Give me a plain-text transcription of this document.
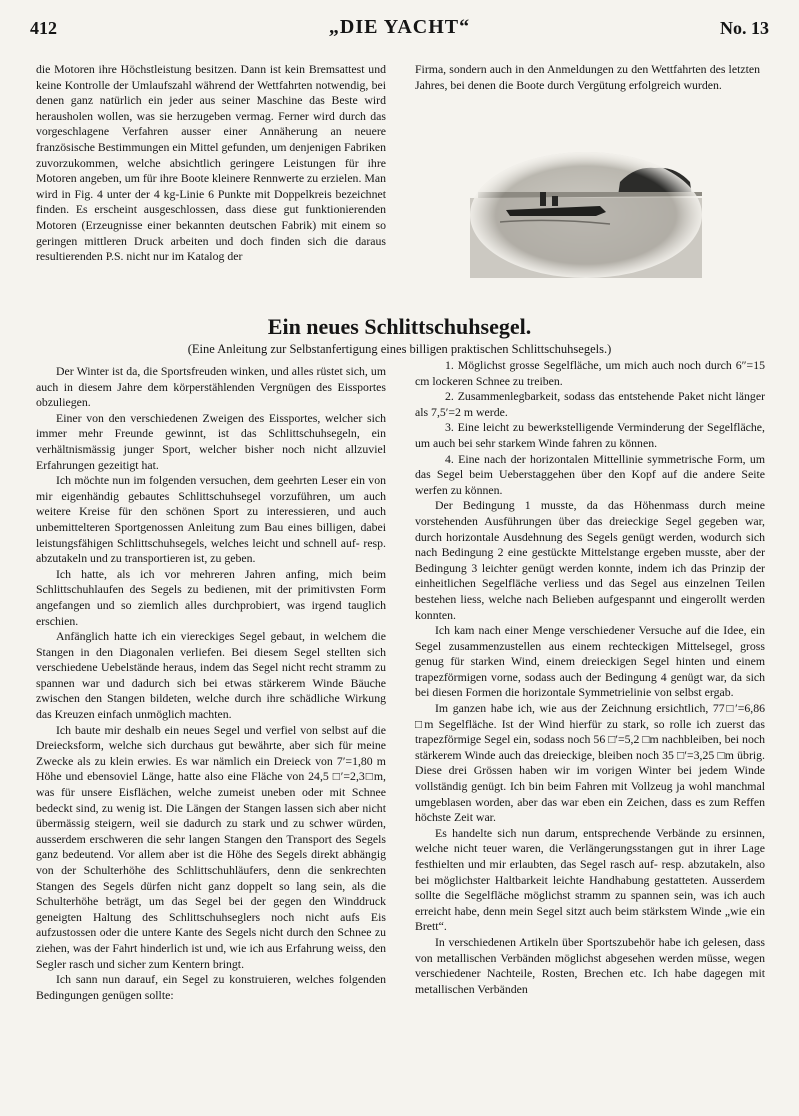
412	„DIE YACHT“	No. 13

die Motoren ihre Höchstleistung besitzen. Dann ist kein Bremsattest und keine Kontrolle der Umlaufszahl während der Wettfahrten notwendig, bei denen ganz natürlich ein jeder aus seiner Maschine das Beste wird herausholen wollen, was sie herzugeben vermag. Ferner wird durch das vorgeschlagene Verfahren ausser einer Annäherung an neuere französische Bestimmungen ein Mittel gefunden, um denjenigen Fabriken zuvorzukommen, welche absichtlich geringere Leistungen für ihre Motoren angeben, um für ihre Boote kleinere Rennwerte zu erzielen. Man wird in Fig. 4 unter der 4 kg-Linie 6 Punkte mit Doppelkreis bezeichnet finden. Es erscheint ausgeschlossen, dass diese gut funktionierenden Motoren (Erzeugnisse einer bekannten deutschen Fabrik) mit einem so geringen mittleren Druck arbeiten und doch finden sich die daraus resultierenden P.S. nicht nur im Katalog der

Firma, sondern auch in den Anmeldungen zu den Wettfahrten des letzten Jahres, bei denen die Boote durch Vergütung erfolgreich wurden.

Ein neues Schlittschuhsegel.
(Eine Anleitung zur Selbstanfertigung eines billigen praktischen Schlittschuhsegels.)

Der Winter ist da, die Sportsfreuden winken, und alles rüstet sich, um auch in diesem Jahre dem körperstählenden Vergnügen des Eissportes obzuliegen.

Einer von den verschiedenen Zweigen des Eissportes, welcher sich immer mehr Freunde gewinnt, ist das Schlittschuhsegeln, ein verhältnismässig junger Sport, welcher bisher noch nicht allzuviel Erfahrungen gezeitigt hat.

Ich möchte nun im folgenden versuchen, dem geehrten Leser ein von mir eigenhändig gebautes Schlittschuhsegel vorzuführen, um auch weitere Kreise für den schönen Sport zu interessieren, und auch unbemittelteren Sportgenossen Anleitung zum Bau eines billigen, dabei leistungsfähigen Schlittschuhsegels, welches leicht und schnell auf- resp. abzutakeln und zu transportieren ist, zu geben.

Ich hatte, als ich vor mehreren Jahren anfing, mich beim Schlittschuhlaufen des Segels zu bedienen, mit der primitivsten Form angefangen und so ziemlich alles durchprobiert, was irgend tauglich erschien.

Anfänglich hatte ich ein viereckiges Segel gebaut, in welchem die Stangen in den Diagonalen verliefen. Bei diesem Segel stellten sich verschiedene Uebelstände heraus, indem das Segel nicht recht stramm zu spannen war und dadurch sich bei etwas stärkerem Winde Bäuche zwischen den Stangen bildeten, welche durch ihre schädliche Wirkung das Kreuzen einfach unmöglich machten.

Ich baute mir deshalb ein neues Segel und verfiel von selbst auf die Dreiecksform, welche sich durchaus gut bewährte, aber sich für meine Zwecke als zu klein erwies. Es war nämlich ein Dreieck von 7′=1,80 m Höhe und ebensoviel Länge, hatte also eine Fläche von 24,5 □′=2,3□m, was für unsere Eisflächen, welche zumeist uneben oder mit Schnee bedeckt sind, zu wenig ist. Die Längen der Stangen lassen sich aber nicht übermässig steigern, weil sie dadurch zu stark und zu schwer würden, ausserdem erschweren die sehr langen Stangen den Transport des Segels ganz bedeutend. Vor allem aber ist die Höhe des Segels direkt abhängig von der Schulterhöhe des Schlittschuhläufers, denn die senkrechten Stangen des Segels dürfen nicht ganz doppelt so lang sein, als die Schulterhöhe beträgt, um das Segel bei der gegen den Winddruck geneigten Haltung des Schlittschuhseglers noch nicht aufs Eis aufzustossen oder die untere Kante des Segels nicht durch den Schnee zu ziehen, was der Fahrt hinderlich ist und, wie ich aus Erfahrung weiss, den Segler rasch und sicher zum Kentern bringt.

Ich sann nun darauf, ein Segel zu konstruieren, welches folgenden Bedingungen genügen sollte:

1. Möglichst grosse Segelfläche, um mich auch noch durch 6″=15 cm lockeren Schnee zu treiben.

2. Zusammenlegbarkeit, sodass das entstehende Paket nicht länger als 7,5′=2 m werde.

3. Eine leicht zu bewerkstelligende Verminderung der Segelfläche, um auch bei sehr starkem Winde fahren zu können.

4. Eine nach der horizontalen Mittellinie symmetrische Form, um das Segel beim Ueberstaggehen über den Kopf auf die andere Seite werfen zu können.

Der Bedingung 1 musste, da das Höhenmass durch meine vorstehenden Ausführungen über das dreieckige Segel gegeben war, durch horizontale Ausdehnung des Segels genügt werden, wodurch sich nach Bedingung 2 eine gestückte Mittelstange ergeben musste, aber der Bedingung 3 leichter genügt werden konnte, indem ich das Prinzip der einheitlichen Segelfläche verliess und das Segel aus einzelnen Teilen bestehen liess, welche nach Belieben aufgespannt und eingerollt werden konnten.

Ich kam nach einer Menge verschiedener Versuche auf die Idee, ein Segel zusammenzustellen aus einem rechteckigen Mittelsegel, gross genug für starken Wind, einem dreieckigen Segel hinten und einem trapezförmigen vorne, sodass auch der Bedingung 4 genügt war, da sich bei diesen Formen die horizontale Symmetrielinie von selbst ergab.

Im ganzen habe ich, wie aus der Zeichnung ersichtlich, 77□′=6,86 □m Segelfläche. Ist der Wind hierfür zu stark, so rolle ich zuerst das trapezförmige Segel ein, sodass noch 56 □′=5,2 □m nachbleiben, bei noch stärkerem Winde auch das dreieckige, bleiben noch 35 □′=3,25 □m übrig. Diese drei Grössen haben wir im vorigen Winter bei jedem Winde vollständig genügt. Ich bin beim Fahren mit Vollzeug ja wohl manchmal umgeblasen worden, aber das war eben ein Zeichen, dass es zum Reffen höchste Zeit war.

Es handelte sich nun darum, entsprechende Verbände zu ersinnen, welche nicht teuer waren, die Verlängerungsstangen gut in ihrer Lage festhielten und mir erlaubten, das Segel rasch auf- resp. abzutakeln, also bei möglichster Haltbarkeit leichte Handhabung gestatteten. Ausserdem sollte die Segelfläche möglichst stramm zu spannen sein, was ich auch erreicht habe, denn mein Segel sitzt auch beim stärkstem Winde „wie ein Brett“.

In verschiedenen Artikeln über Sportszubehör habe ich gelesen, dass von metallischen Verbänden möglichst abgesehen werden müsse, wegen verschiedener Nachteile, Rosten, Brechen etc. Ich habe dagegen mit metallischen Verbänden
